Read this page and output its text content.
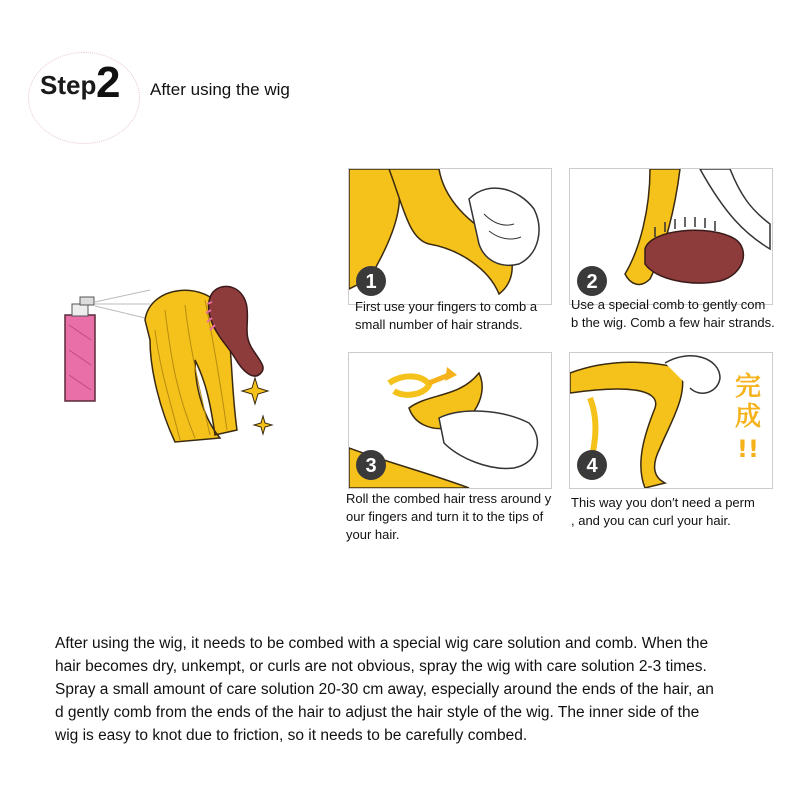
Step 2 After using the wig
1	2
3
完
成
!!
4
First use your fingers to comb a
small number of hair strands.
Use a special comb to gently com
b the wig. Comb a few hair strands.
Roll the combed hair tress around y
our fingers and turn it to the tips of
your hair.
This way you don′t need a perm
, and you can curl your hair.
After using the wig, it needs to be combed with a special wig care solution and comb. When the
hair becomes dry, unkempt, or curls are not obvious, spray the wig with care solution 2-3 times.
Spray a small amount of care solution 20-30 cm away, especially around the ends of the hair, an
d gently comb from the ends of the hair to adjust the hair style of the wig. The inner side of the
wig is easy to knot due to friction, so it needs to be carefully combed.
